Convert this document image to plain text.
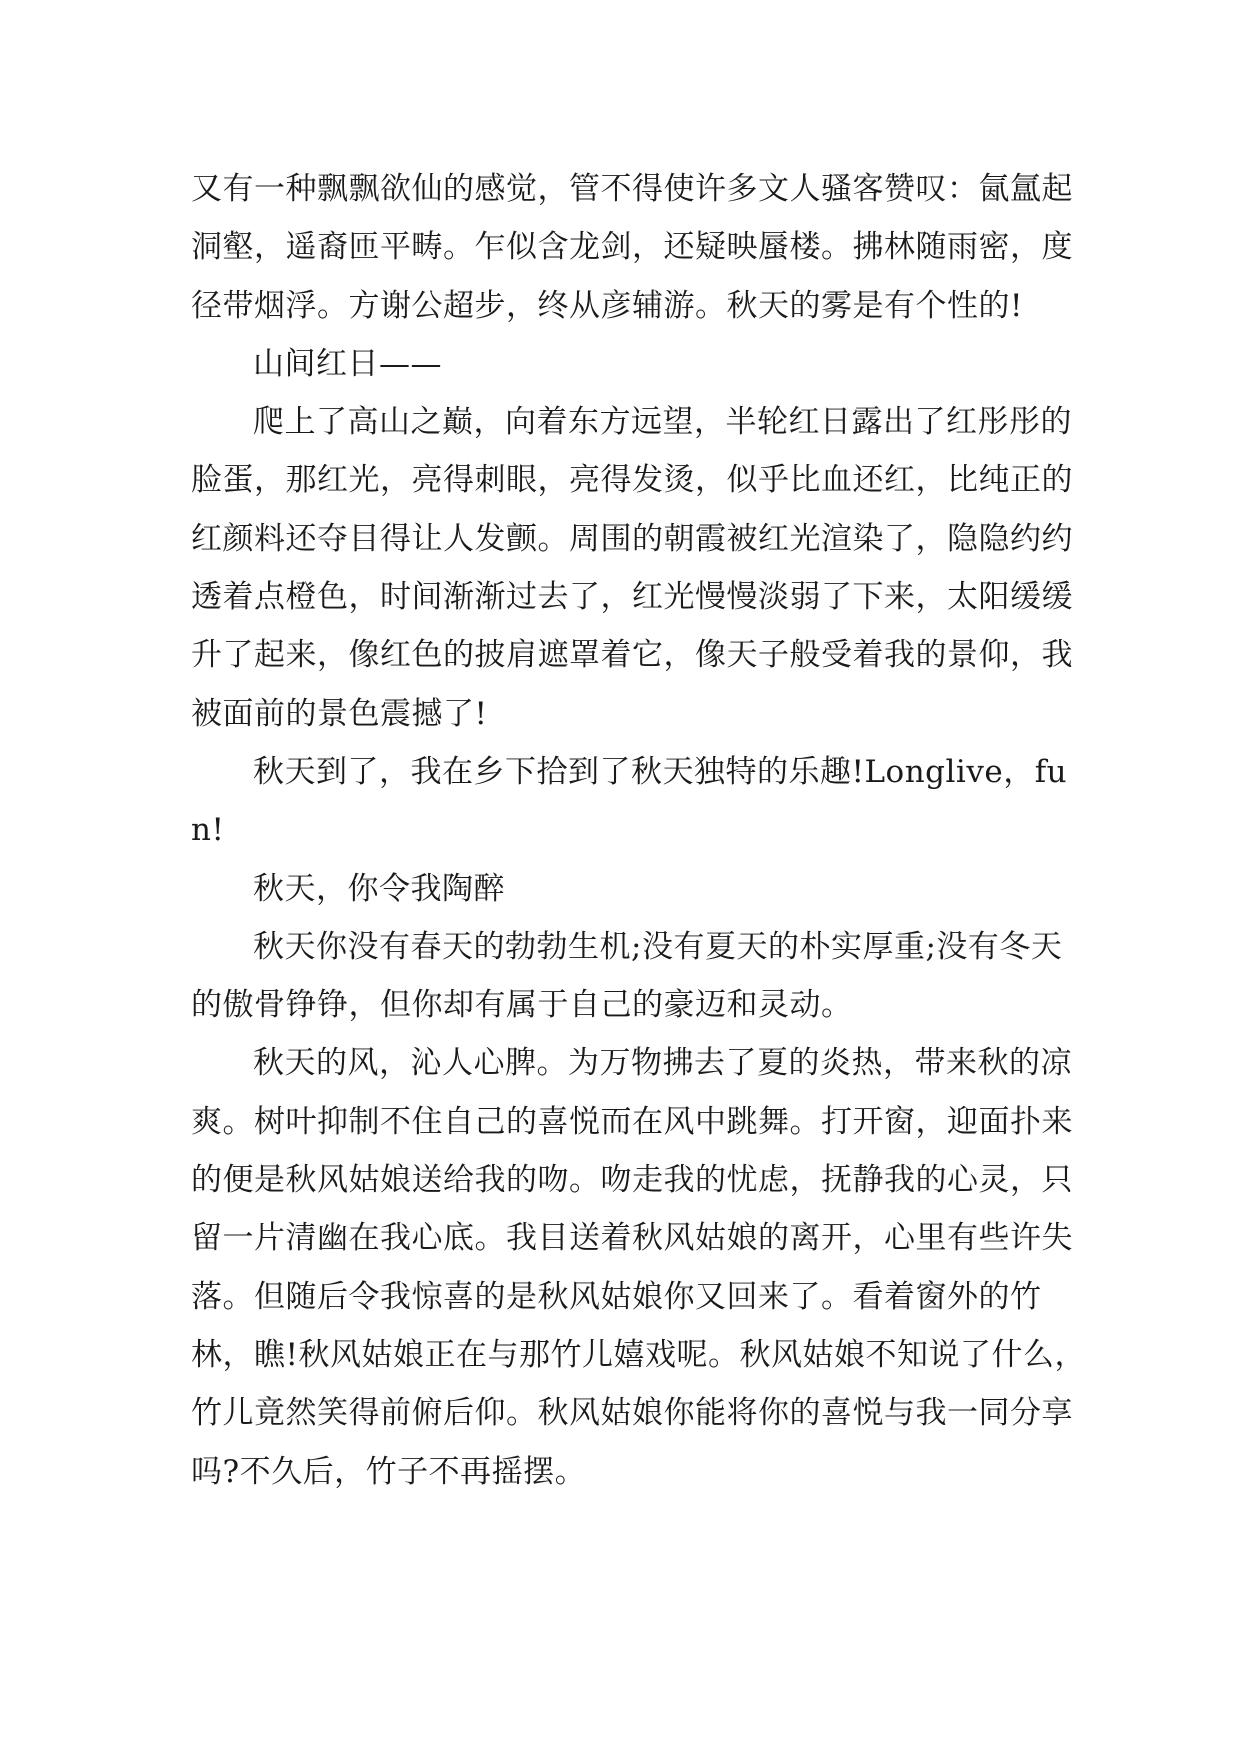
又有一种飘飘欲仙的感觉，管不得使许多文人骚客赞叹：氤氲起洞壑，遥裔匝平畴。乍似含龙剑，还疑映蜃楼。拂林随雨密，度径带烟浮。方谢公超步，终从彦辅游。秋天的雾是有个性的!

山间红日——

爬上了高山之巅，向着东方远望，半轮红日露出了红彤彤的脸蛋，那红光，亮得刺眼，亮得发烫，似乎比血还红，比纯正的红颜料还夺目得让人发颤。周围的朝霞被红光渲染了，隐隐约约透着点橙色，时间渐渐过去了，红光慢慢淡弱了下来，太阳缓缓升了起来，像红色的披肩遮罩着它，像天子般受着我的景仰，我被面前的景色震撼了!

秋天到了，我在乡下拾到了秋天独特的乐趣!Longlive，fun!

秋天，你令我陶醉

秋天你没有春天的勃勃生机;没有夏天的朴实厚重;没有冬天的傲骨铮铮，但你却有属于自己的豪迈和灵动。

秋天的风，沁人心脾。为万物拂去了夏的炎热，带来秋的凉爽。树叶抑制不住自己的喜悦而在风中跳舞。打开窗，迎面扑来的便是秋风姑娘送给我的吻。吻走我的忧虑，抚静我的心灵，只留一片清幽在我心底。我目送着秋风姑娘的离开，心里有些许失落。但随后令我惊喜的是秋风姑娘你又回来了。看着窗外的竹林，瞧!秋风姑娘正在与那竹儿嬉戏呢。秋风姑娘不知说了什么，竹儿竟然笑得前俯后仰。秋风姑娘你能将你的喜悦与我一同分享吗?不久后，竹子不再摇摆。
